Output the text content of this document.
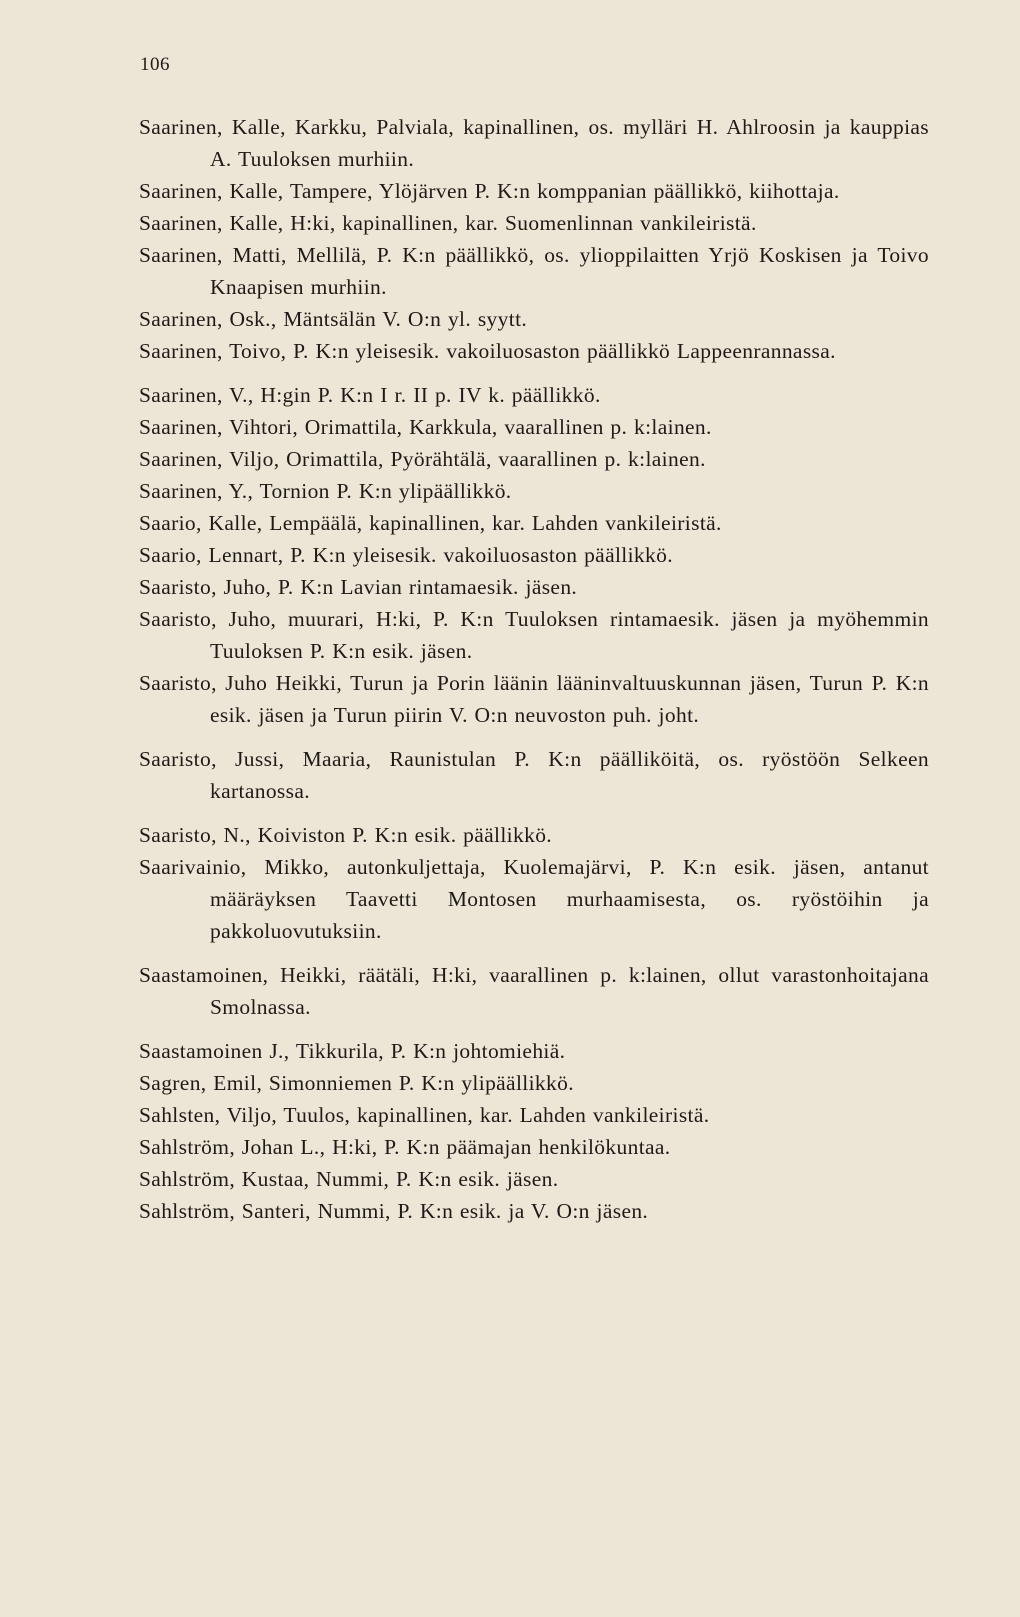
106

Saarinen, Kalle, Karkku, Palviala, kapinallinen, os. mylläri H. Ahlroosin ja kauppias A. Tuuloksen murhiin.

Saarinen, Kalle, Tampere, Ylöjärven P. K:n komppanian päällikkö, kiihottaja.

Saarinen, Kalle, H:ki, kapinallinen, kar. Suomenlinnan vankileiristä.

Saarinen, Matti, Mellilä, P. K:n päällikkö, os. ylioppilaitten Yrjö Koskisen ja Toivo Knaapisen murhiin.

Saarinen, Osk., Mäntsälän V. O:n yl. syytt.

Saarinen, Toivo, P. K:n yleisesik. vakoiluosaston päällikkö Lappeenrannassa.

Saarinen, V., H:gin P. K:n I r. II p. IV k. päällikkö.

Saarinen, Vihtori, Orimattila, Karkkula, vaarallinen p. k:lainen.

Saarinen, Viljo, Orimattila, Pyörähtälä, vaarallinen p. k:lainen.

Saarinen, Y., Tornion P. K:n ylipäällikkö.

Saario, Kalle, Lempäälä, kapinallinen, kar. Lahden vankileiristä.

Saario, Lennart, P. K:n yleisesik. vakoiluosaston päällikkö.

Saaristo, Juho, P. K:n Lavian rintamaesik. jäsen.

Saaristo, Juho, muurari, H:ki, P. K:n Tuuloksen rintamaesik. jäsen ja myöhemmin Tuuloksen P. K:n esik. jäsen.

Saaristo, Juho Heikki, Turun ja Porin läänin lääninvaltuuskunnan jäsen, Turun P. K:n esik. jäsen ja Turun piirin V. O:n neuvoston puh. joht.

Saaristo, Jussi, Maaria, Raunistulan P. K:n päälliköitä, os. ryöstöön Selkeen kartanossa.

Saaristo, N., Koiviston P. K:n esik. päällikkö.

Saarivainio, Mikko, autonkuljettaja, Kuolemajärvi, P. K:n esik. jäsen, antanut määräyksen Taavetti Montosen murhaamisesta, os. ryöstöihin ja pakkoluovutuksiin.

Saastamoinen, Heikki, räätäli, H:ki, vaarallinen p. k:lainen, ollut varastonhoitajana Smolnassa.

Saastamoinen J., Tikkurila, P. K:n johtomiehiä.

Sagren, Emil, Simonniemen P. K:n ylipäällikkö.

Sahlsten, Viljo, Tuulos, kapinallinen, kar. Lahden vankileiristä.

Sahlström, Johan L., H:ki, P. K:n päämajan henkilökuntaa.

Sahlström, Kustaa, Nummi, P. K:n esik. jäsen.

Sahlström, Santeri, Nummi, P. K:n esik. ja V. O:n jäsen.
